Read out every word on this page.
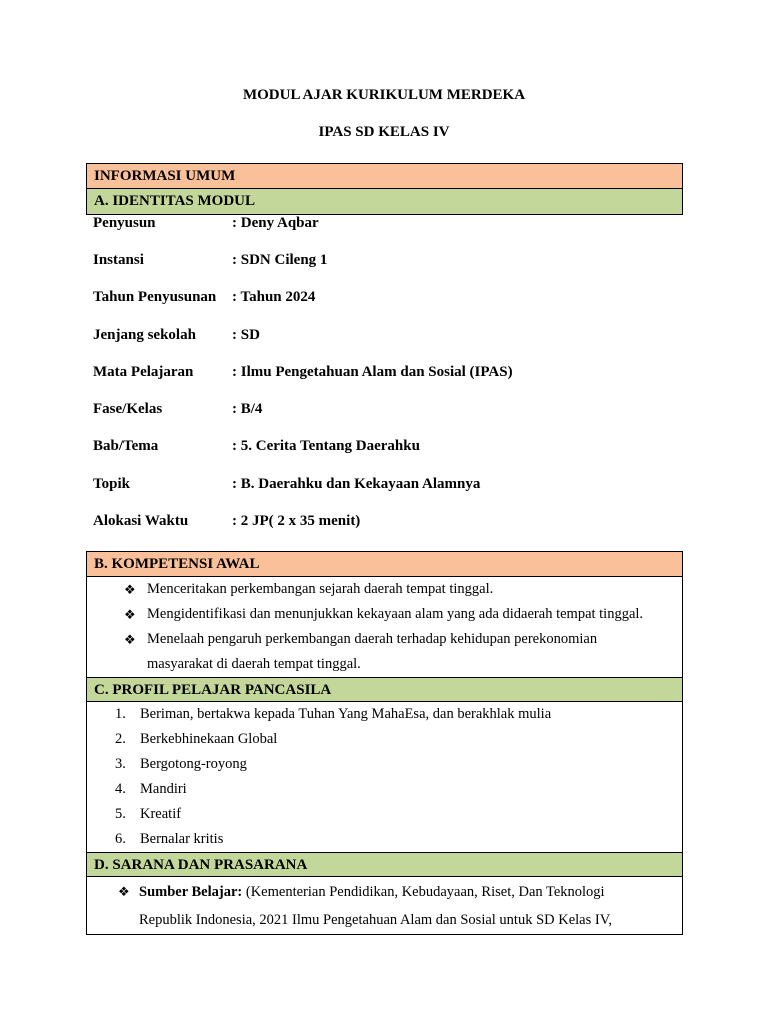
MODUL AJAR KURIKULUM MERDEKA
IPAS SD KELAS IV
INFORMASI UMUM
A. IDENTITAS MODUL
Penyusun	: Deny Aqbar
Instansi	: SDN Cileng 1
Tahun Penyusunan	: Tahun 2024
Jenjang sekolah	: SD
Mata Pelajaran	: Ilmu Pengetahuan Alam dan Sosial (IPAS)
Fase/Kelas	: B/4
Bab/Tema	: 5. Cerita Tentang Daerahku
Topik	: B. Daerahku dan Kekayaan Alamnya
Alokasi Waktu	: 2 JP( 2 x 35 menit)
B. KOMPETENSI AWAL
❖ Menceritakan perkembangan sejarah daerah tempat tinggal.
❖ Mengidentifikasi dan menunjukkan kekayaan alam yang ada didaerah tempat tinggal.
❖ Menelaah pengaruh perkembangan daerah terhadap kehidupan perekonomian
masyarakat di daerah tempat tinggal.
C. PROFIL PELAJAR PANCASILA
1. Beriman, bertakwa kepada Tuhan Yang MahaEsa, dan berakhlak mulia
2. Berkebhinekaan Global
3. Bergotong-royong
4. Mandiri
5. Kreatif
6. Bernalar kritis
D. SARANA DAN PRASARANA
❖ Sumber Belajar: (Kementerian Pendidikan, Kebudayaan, Riset, Dan Teknologi
Republik Indonesia, 2021 Ilmu Pengetahuan Alam dan Sosial untuk SD Kelas IV,
